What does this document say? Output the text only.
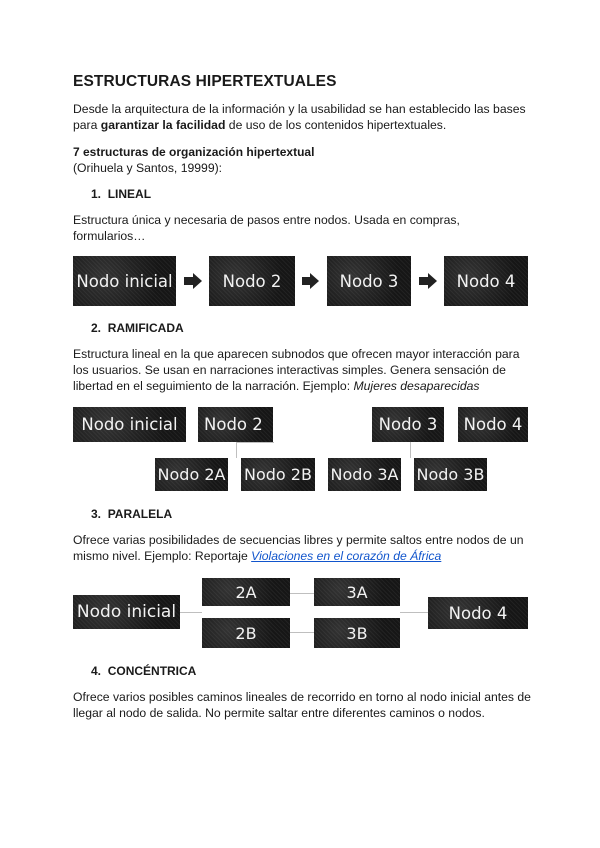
ESTRUCTURAS HIPERTEXTUALES
Desde la arquitectura de la información y la usabilidad se han establecido las bases
para garantizar la facilidad de uso de los contenidos hipertextuales.
7 estructuras de organización hipertextual
(Orihuela y Santos, 19999):
1. LINEAL
Estructura única y necesaria de pasos entre nodos. Usada en compras,
formularios…
Nodo inicial	Nodo 2	Nodo 3	Nodo 4
2. RAMIFICADA
Estructura lineal en la que aparecen subnodos que ofrecen mayor interacción para
los usuarios. Se usan en narraciones interactivas simples. Genera sensación de
libertad en el seguimiento de la narración. Ejemplo: Mujeres desaparecidas
Nodo inicial	Nodo 2	Nodo 3	Nodo 4
Nodo 2A Nodo 2B Nodo 3A Nodo 3B
3. PARALELA
Ofrece varias posibilidades de secuencias libres y permite saltos entre nodos de un
mismo nivel. Ejemplo: Reportaje Violaciones en el corazón de África
Nodo inicial
2A	3A
2B	3B
Nodo 4
4. CONCÉNTRICA
Ofrece varios posibles caminos lineales de recorrido en torno al nodo inicial antes de
llegar al nodo de salida. No permite saltar entre diferentes caminos o nodos.
